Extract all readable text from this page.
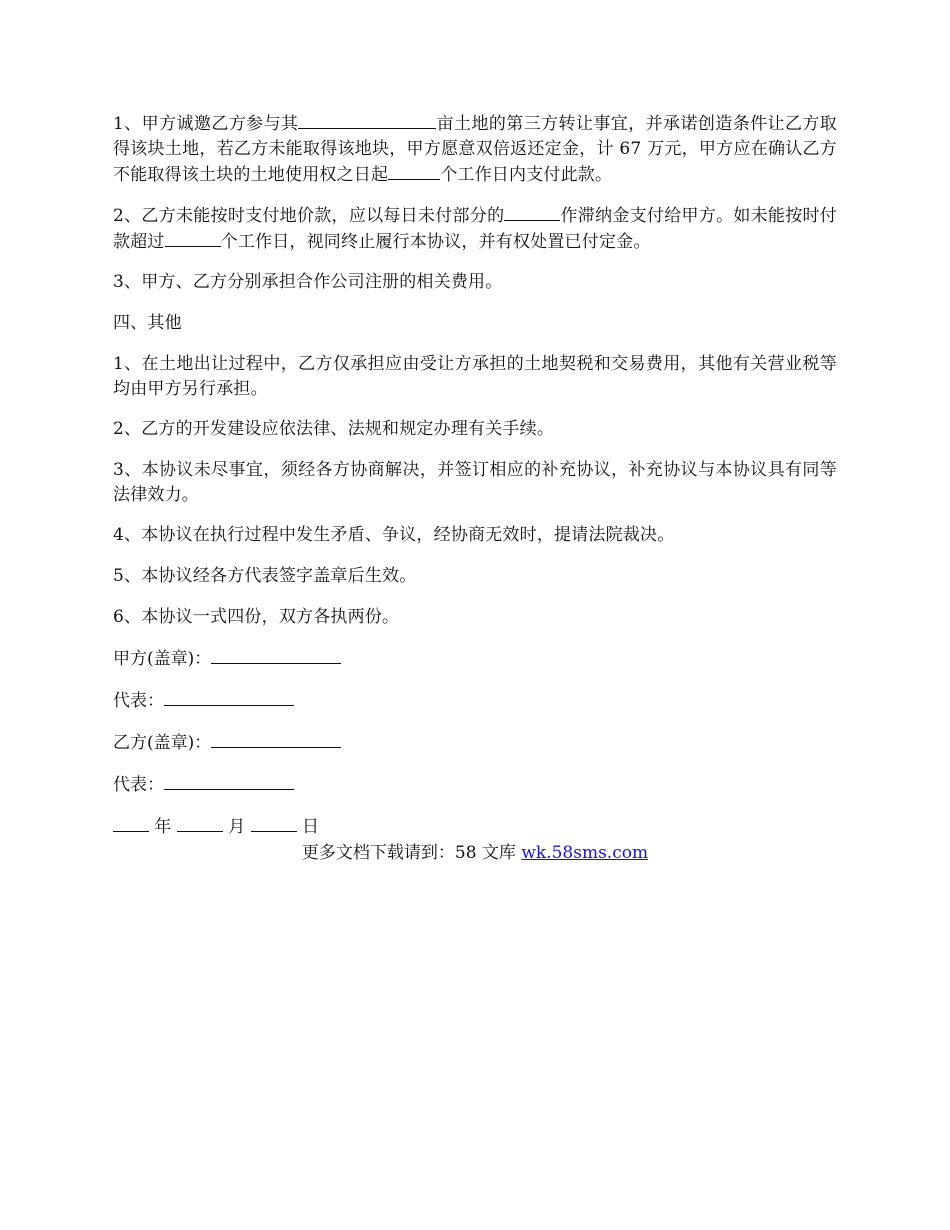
1、甲方诚邀乙方参与其	亩土地的第三方转让事宜，并承诺创造条件让乙方取得该块土地，若乙方未能取得该地块，甲方愿意双倍返还定金，计 67 万元，甲方应在确认乙方不能取得该土块的土地使用权之日起	个工作日内支付此款。

2、乙方未能按时支付地价款，应以每日未付部分的	作滞纳金支付给甲方。如未能按时付款超过	个工作日，视同终止履行本协议，并有权处置已付定金。

3、甲方、乙方分别承担合作公司注册的相关费用。

四、其他

1、在土地出让过程中，乙方仅承担应由受让方承担的土地契税和交易费用，其他有关营业税等均由甲方另行承担。

2、乙方的开发建设应依法律、法规和规定办理有关手续。

3、本协议未尽事宜，须经各方协商解决，并签订相应的补充协议，补充协议与本协议具有同等法律效力。

4、本协议在执行过程中发生矛盾、争议，经协商无效时，提请法院裁决。

5、本协议经各方代表签字盖章后生效。

6、本协议一式四份，双方各执两份。

甲方(盖章)：
代表：
乙方(盖章)：
代表：
年	月	日
更多文档下载请到：58 文库 wk.58sms.com
